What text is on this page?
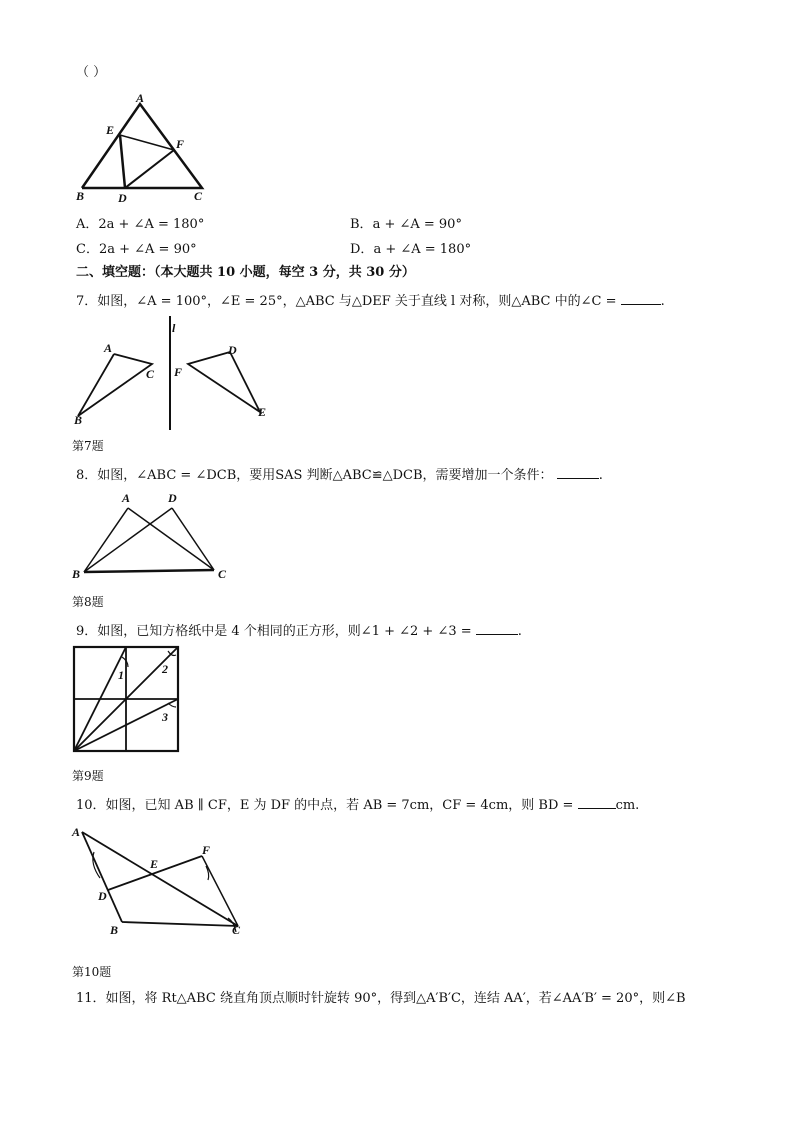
（ ）
A
E
F
B	D	C
A．2a + ∠A = 180°	B．a + ∠A = 90°
C．2a + ∠A = 90°	D．a + ∠A = 180°
二、填空题：（本大题共 10 小题，每空 3 分，共 30 分）
7．如图，∠A = 100°，∠E = 25°，△ABC 与△DEF 关于直线 l 对称，则△ABC 中的∠C =	.
A
C
B
l
F
D
E
第7题
8．如图，∠ABC = ∠DCB，要用SAS 判断△ABC≌△DCB，需要增加一个条件：	.
A	D
B	C
第8题
9．如图，已知方格纸中是 4 个相同的正方形，则∠1 + ∠2 + ∠3 =	.
1	2
3
第9题
10．如图，已知 AB ∥ CF，E 为 DF 的中点，若 AB = 7cm，CF = 4cm，则 BD =	cm.
A
E
F
D
B	C
第10题
11．如图，将 Rt△ABC 绕直角顶点顺时针旋转 90°，得到△A′B′C，连结 AA′，若∠AA′B′ = 20°，则∠B
